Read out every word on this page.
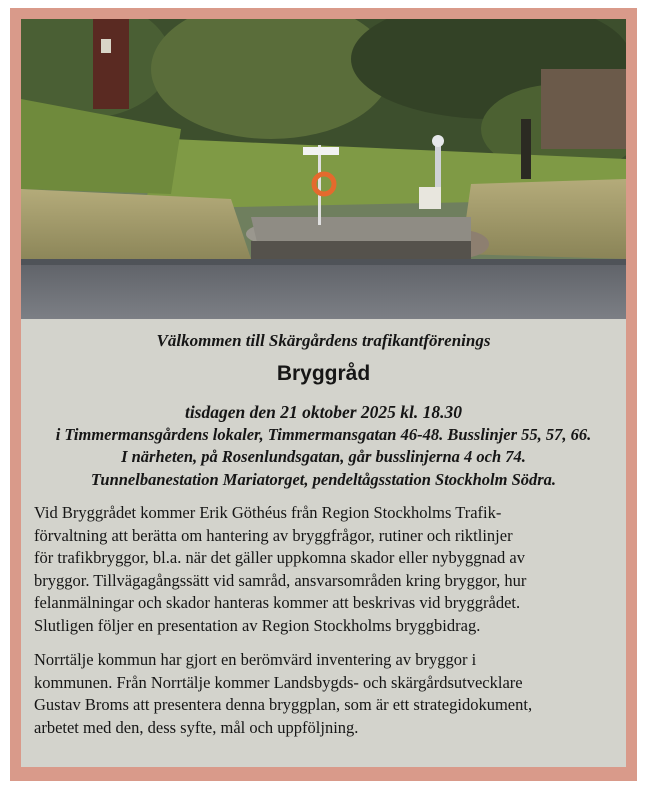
Välkommen till Skärgårdens trafikantförenings
Bryggråd
tisdagen den 21 oktober 2025 kl. 18.30
i Timmermansgårdens lokaler, Timmermansgatan 46-48. Busslinjer 55, 57, 66.
I närheten, på Rosenlundsgatan, går busslinjerna 4 och 74.
Tunnelbanestation Mariatorget, pendeltågsstation Stockholm Södra.

Vid Bryggrådet kommer Erik Göthéus från Region Stockholms Trafik-
förvaltning att berätta om hantering av bryggfrågor, rutiner och riktlinjer
för trafikbryggor, bl.a. när det gäller uppkomna skador eller nybyggnad av
bryggor. Tillvägagångssätt vid samråd, ansvarsområden kring bryggor, hur
felanmälningar och skador hanteras kommer att beskrivas vid bryggrådet.
Slutligen följer en presentation av Region Stockholms bryggbidrag.

Norrtälje kommun har gjort en berömvärd inventering av bryggor i
kommunen. Från Norrtälje kommer Landsbygds- och skärgårdsutvecklare
Gustav Broms att presentera denna bryggplan, som är ett strategidokument,
arbetet med den, dess syfte, mål och uppföljning.
